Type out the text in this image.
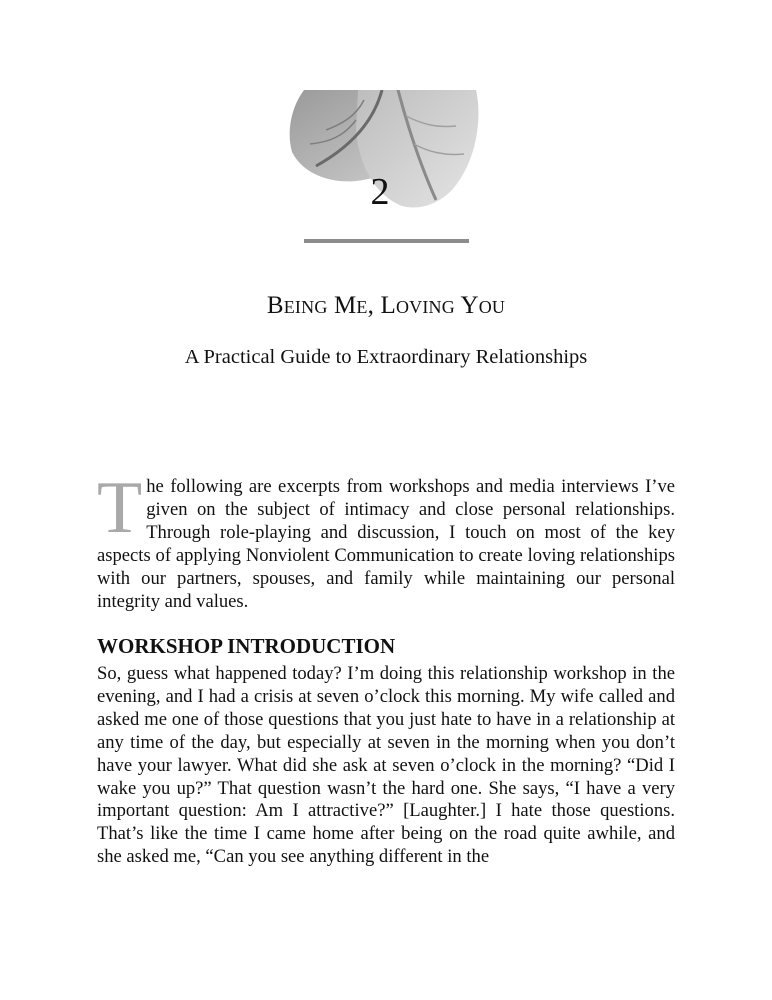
2
Being Me, Loving You
A Practical Guide to Extraordinary Relationships
The following are excerpts from workshops and media interviews I’ve given on the subject of intimacy and close personal relationships. Through role-playing and discussion, I touch on most of the key aspects of applying Nonviolent Communication to create loving relationships with our partners, spouses, and family while maintaining our personal integrity and values.
WORKSHOP INTRODUCTION

So, guess what happened today? I’m doing this relationship workshop in the evening, and I had a crisis at seven o’clock this morning. My wife called and asked me one of those questions that you just hate to have in a relationship at any time of the day, but especially at seven in the morning when you don’t have your lawyer. What did she ask at seven o’clock in the morning? “Did I wake you up?” That question wasn’t the hard one. She says, “I have a very important question: Am I attractive?” [Laughter.] I hate those questions. That’s like the time I came home after being on the road quite awhile, and she asked me, “Can you see anything different in the
